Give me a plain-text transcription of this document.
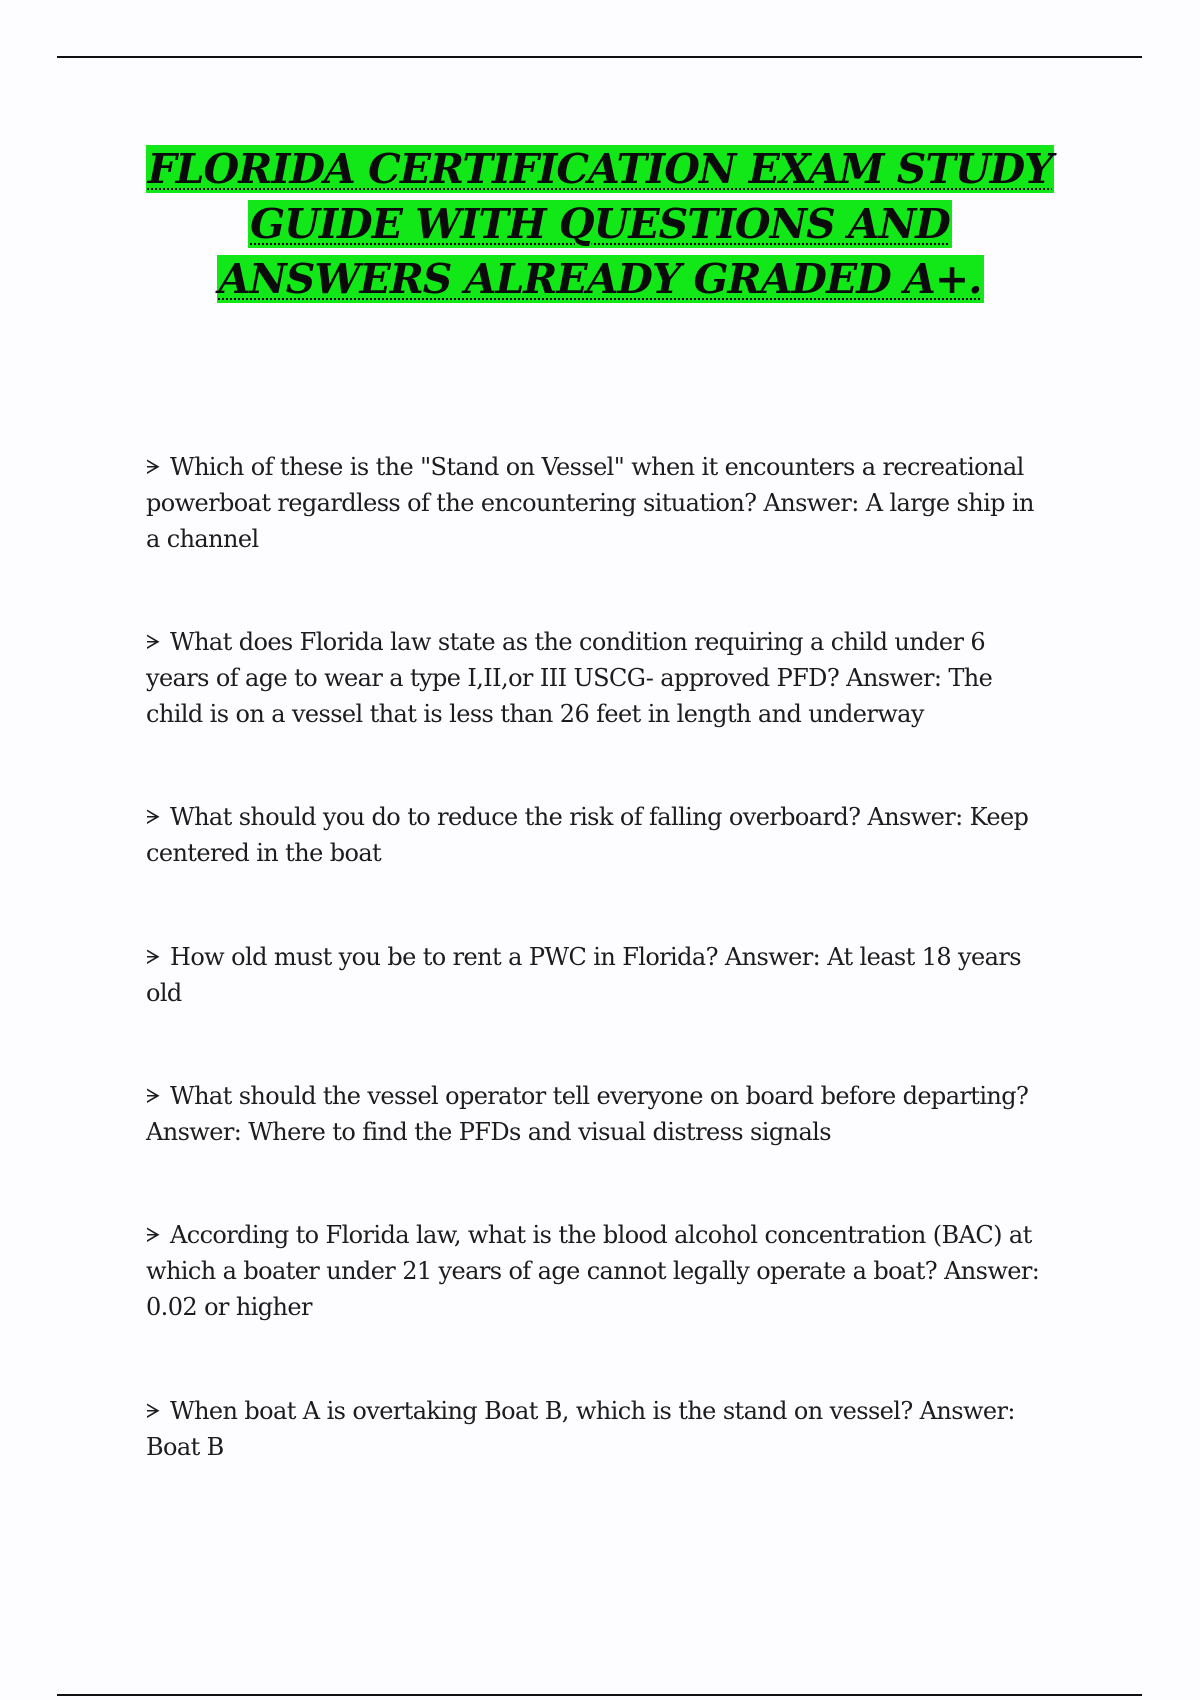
FLORIDA CERTIFICATION EXAM STUDY GUIDE WITH QUESTIONS AND ANSWERS ALREADY GRADED A+.
ᗒ Which of these is the "Stand on Vessel" when it encounters a recreational powerboat regardless of the encountering situation? Answer: A large ship in a channel
ᗒ What does Florida law state as the condition requiring a child under 6 years of age to wear a type I,II,or III USCG- approved PFD? Answer: The child is on a vessel that is less than 26 feet in length and underway
ᗒ What should you do to reduce the risk of falling overboard? Answer: Keep centered in the boat
ᗒ How old must you be to rent a PWC in Florida? Answer: At least 18 years old
ᗒ What should the vessel operator tell everyone on board before departing? Answer: Where to find the PFDs and visual distress signals
ᗒ According to Florida law, what is the blood alcohol concentration (BAC) at which a boater under 21 years of age cannot legally operate a boat? Answer: 0.02 or higher
ᗒ When boat A is overtaking Boat B, which is the stand on vessel? Answer: Boat B
